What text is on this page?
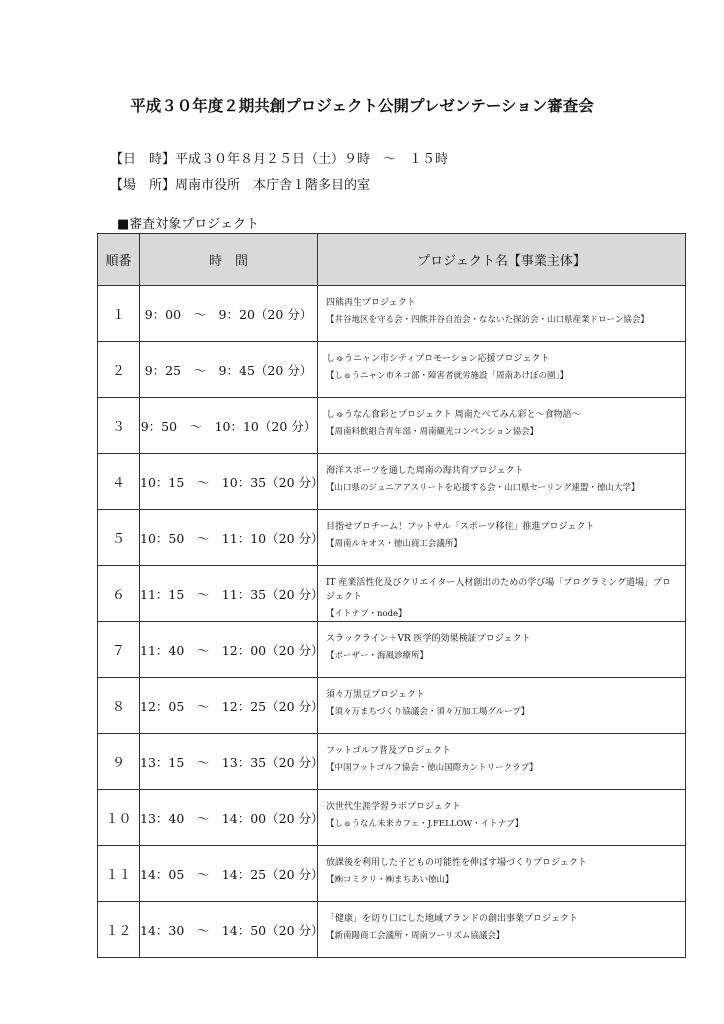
平成３０年度２期共創プロジェクト公開プレゼンテーション審査会
【日　時】平成３０年８月２５日（土）９時　～　１５時
【場　所】周南市役所　本庁舎１階多目的室
■審査対象プロジェクト
順番	時　間	プロジェクト名【事業主体】
１	9：00　～　9：20（20 分）	四熊再生プロジェクト
【井谷地区を守る会・四熊井谷自治会・なないた探訪会・山口県産業ドローン協会】

２	9：25　～　9：45（20 分）	しゅうニャン市シティプロモーション応援プロジェクト
【しゅうニャン市ネコ部・障害者就労施設「周南あけぼの園」】

３	9：50　～　10：10（20 分）	しゅうなん食彩とプロジェクト 周南たべてみん彩と～食物語～
【周南料飲組合青年部・周南観光コンベンション協会】

４	10：15　～　10：35（20 分）	海洋スポーツを通した周南の海共育プロジェクト
【山口県のジュニアアスリートを応援する会・山口県セーリング連盟・徳山大学】

５	10：50　～　11：10（20 分）	目指せプロチーム！フットサル「スポーツ移住」推進プロジェクト
【周南ルキオス・徳山商工会議所】

６	11：15　～　11：35（20 分）	IT 産業活性化及びクリエイター人材創出のための学び場「プログラミング道場」プロジェクト
【イトナブ・node】

７	11：40　～　12：00（20 分）	スラックライン＋VR 医学的効果検証プロジェクト
【ボーザー・海風診療所】

８	12：05　～　12：25（20 分）	須々万黒豆プロジェクト
【須々万まちづくり協議会・須々万加工場グループ】

９	13：15　～　13：35（20 分）	フットゴルフ普及プロジェクト
【中国フットゴルフ協会・徳山国際カントリークラブ】

１０	13：40　～　14：00（20 分）	次世代生涯学習ラボプロジェクト
【しゅうなん未来カフェ・J.FELLOW・イトナブ】

１１	14：05　～　14：25（20 分）	放課後を利用した子どもの可能性を伸ばす場づくりプロジェクト
【㈱コミクリ・㈱まちあい徳山】

１２	14：30　～　14：50（20 分）	「健康」を切り口にした地域ブランドの創出事業プロジェクト
【新南陽商工会議所・周南ツーリズム協議会】
